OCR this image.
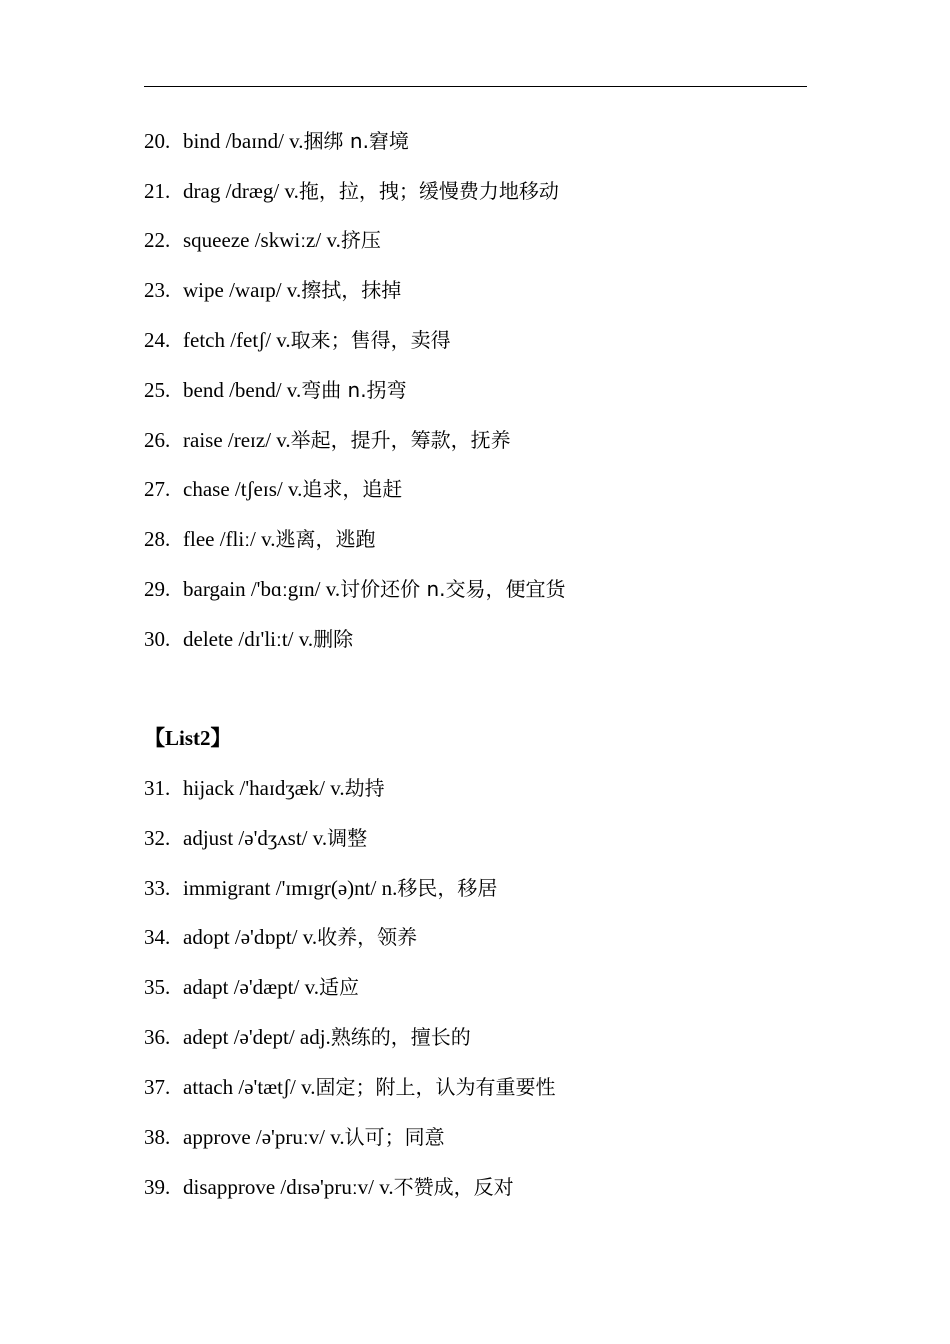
20. bind /baɪnd/ v.捆绑 n.窘境
21. drag /dræg/ v.拖，拉，拽；缓慢费力地移动
22. squeeze /skwiːz/ v.挤压
23. wipe /waɪp/ v.擦拭，抹掉
24. fetch /fetʃ/ v.取来；售得，卖得
25. bend /bend/ v.弯曲 n.拐弯
26. raise /reɪz/ v.举起，提升，筹款，抚养
27. chase /tʃeɪs/ v.追求，追赶
28. flee /fliː/ v.逃离，逃跑
29. bargain /'bɑːgɪn/ v.讨价还价 n.交易，便宜货
30. delete /dɪ'liːt/ v.删除
【List2】
31. hijack /'haɪdʒæk/ v.劫持
32. adjust /ə'dʒʌst/ v.调整
33. immigrant /'ɪmɪgr(ə)nt/ n.移民，移居
34. adopt /ə'dɒpt/ v.收养，领养
35. adapt /ə'dæpt/ v.适应
36. adept /ə'dept/ adj.熟练的，擅长的
37. attach /ə'tætʃ/ v.固定；附上，认为有重要性
38. approve /ə'pruːv/ v.认可；同意
39. disapprove /dɪsə'pruːv/ v.不赞成，反对
